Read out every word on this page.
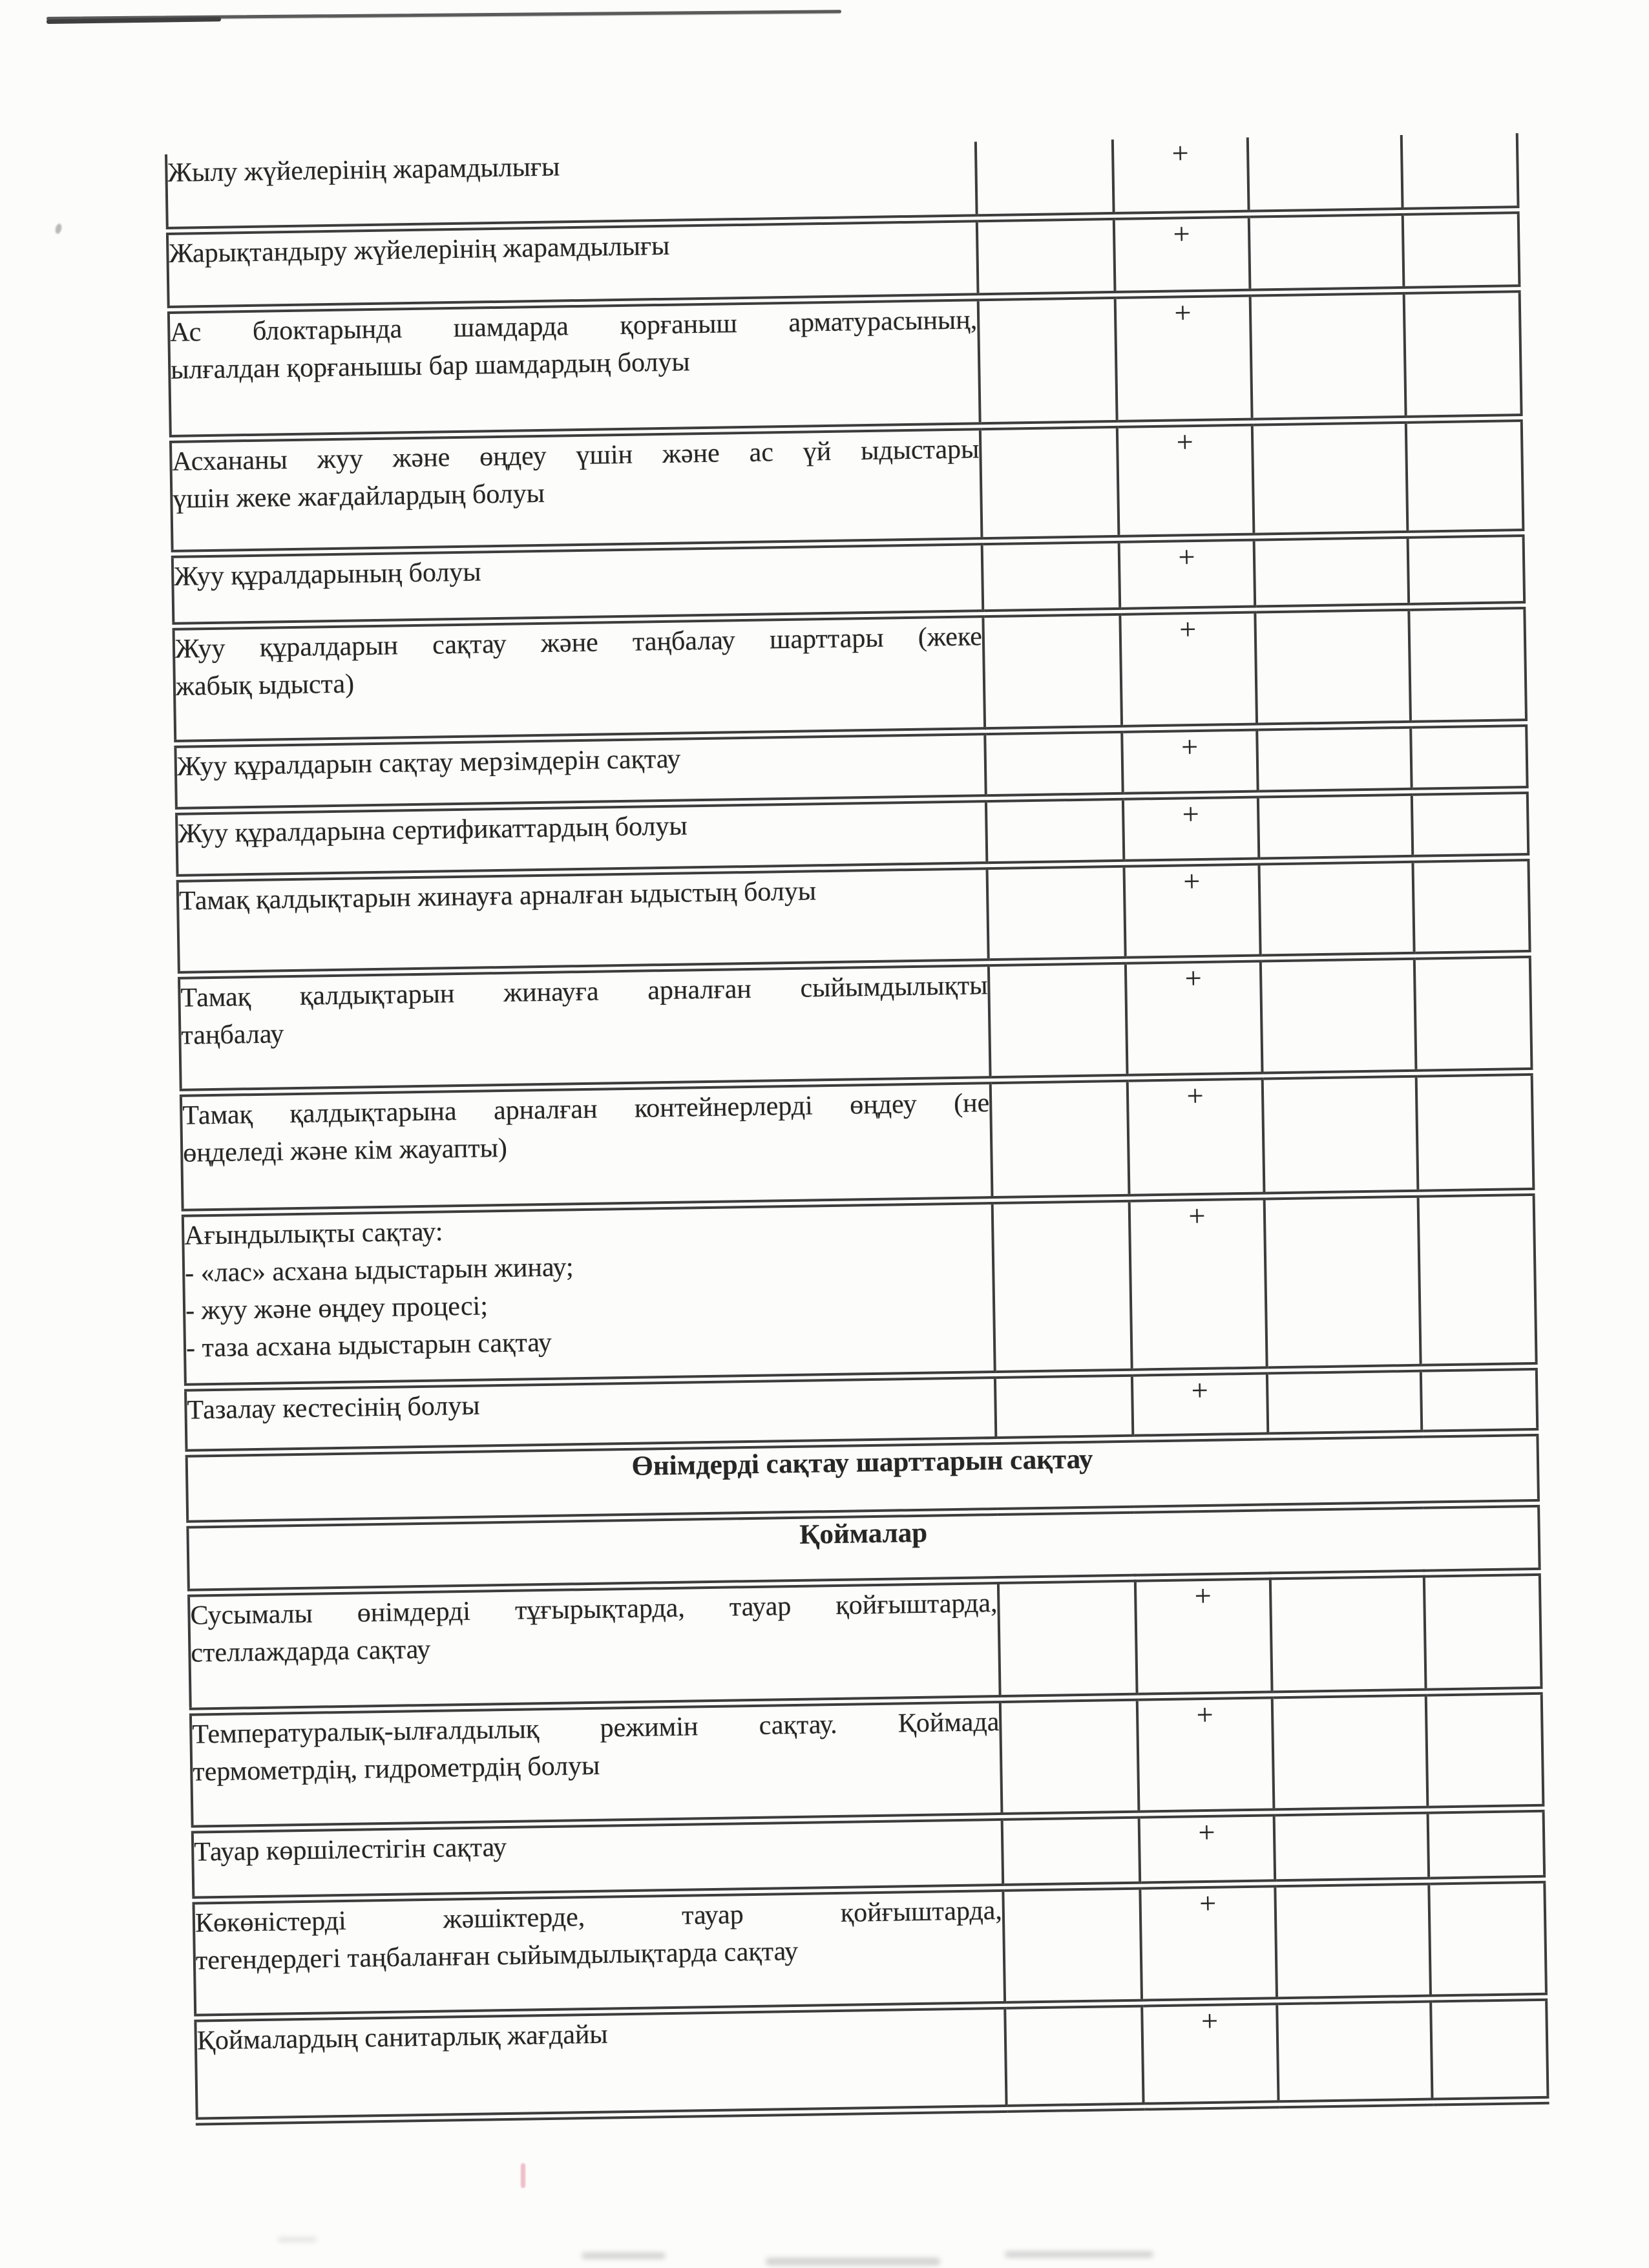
Жылу жүйелерінің жарамдылығы		+		
Жарықтандыру жүйелерінің жарамдылығы		+		

Ас блоктарында шамдарда қорғаныш арматурасының,
ылғалдан қорғанышы бар шамдардың болуы		+		

Асхананы жуу және өңдеу үшін және ас үй ыдыстары
үшін жеке жағдайлардың болуы		+		
Жуу құралдарының болуы		+		

Жуу құралдарын сақтау және таңбалау шарттары (жеке
жабық ыдыста)		+		
Жуу құралдарын сақтау мерзімдерін сақтау		+		
Жуу құралдарына сертификаттардың болуы		+		
Тамақ қалдықтарын жинауға арналған ыдыстың болуы		+		

Тамақ қалдықтарын жинауға арналған сыйымдылықты
таңбалау		+		

Тамақ қалдықтарына арналған контейнерлерді өңдеу (не
өңделеді және кім жауапты)		+		

Ағындылықты сақтау:
- «лас» асхана ыдыстарын жинау;
- жуу және өңдеу процесі;
- таза асхана ыдыстарын сақтау		+		
Тазалау кестесінің болуы		+		
Өнімдерді сақтау шарттарын сақтау				
Қоймалар				

Сусымалы өнімдерді тұғырықтарда, тауар қойғыштарда,
стеллаждарда сақтау		+		

Температуралық-ылғалдылық режимін сақтау. Қоймада
термометрдің, гидрометрдің болуы		+		
Тауар көршілестігін сақтау		+		

Көкөністерді жәшіктерде, тауар қойғыштарда,
тегендердегі таңбаланған сыйымдылықтарда сақтау		+		
Қоймалардың санитарлық жағдайы		+		
